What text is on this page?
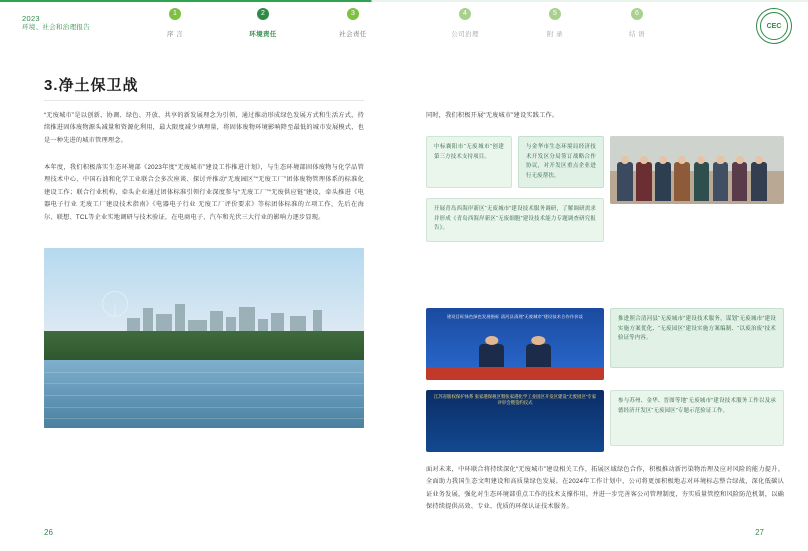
2023
环境、社会和治理报告
1
序 言
2
环境责任
3
社会责任
4
公司治理
5
附 录
6
结 语
CEC
3.净土保卫战
“无废城市”是以创新、协调、绿色、开放、共享的新发展理念为引领，通过推动形成绿色发展方式和生活方式，持续推进固体废物源头减量和资源化利用，最大限度减少填埋量，将固体废物环境影响降至最低的城市发展模式，也是一种先进的城市管理理念。
本年度，我们积极落实生态环境部《2023年度“无废城市”建设工作推进计划》，与生态环境部固体废物与化学品管理技术中心、中国石油和化学工业联合会多次座谈、探讨并推动“无废园区”“无废工厂”团体废物管理体系的标准化建设工作；联合行业机构，牵头企业通过团体标准引领行业深度参与“无废工厂”“无废供应链”建设，牵头推进《电器电子行业 无废工厂建设技术指南》《电器电子行业 无废工厂评价要求》等标团体标准的立项工作，先后在海尔、联想、TCL等企业实地调研与技术验证，在电商电子、汽车和光伏三大行业的影响力逐步显现。
26
同时，我们积极开展“无废城市”建设实践工作。
中标襄阳市“无废城市”创建第三方技术支持项目。
与金华市生态环境局经济技术开发区分局签订战略合作协议，对开发区重点企业进行无废帮扶。
开展青岛西海岸新区“无废城市”建设技术服务调研，了解调研需求并形成《青岛西海岸新区“无废细胞”建设技术能力专题调查研究报告》。
建设目标绿色绿色发展指标 清河县清理“无废城市”建设技术合作作价谈	推进照合清河县“无废城市”建设技术服务，谋划“无废城市”建设实施方案优化、“无废园区”建设实施方案编制、“以废治废”技术验证等内容。
参与苏州、金华、晋图等地“无废城市”建设技术服务工作以及承德经济开发区“无废园区”专题示范验证工作。
江苏省版权保护体系 张家港保税区暨张家港化学工业园区开发区建设“无废园区”专家评审会暨签约仪式
面对未来，中环联合将持续深化“无废城市”建设相关工作，拓展区域绿色合作，积极推动新污染物治理及应对风险的能力提升。全面助力我国生态文明建设和高质量绿色发展。在2024年工作计划中，公司将更加积极地志对环境标志整合绿战，深化低碳认证业务发展，强化对生态环境部重点工作的技术支撑作用，并进一步完善客公司管理制度，夯实质量管控和风险防范机制，以确保持续提供高效、专业、优质的环保认证技术服务。
27
